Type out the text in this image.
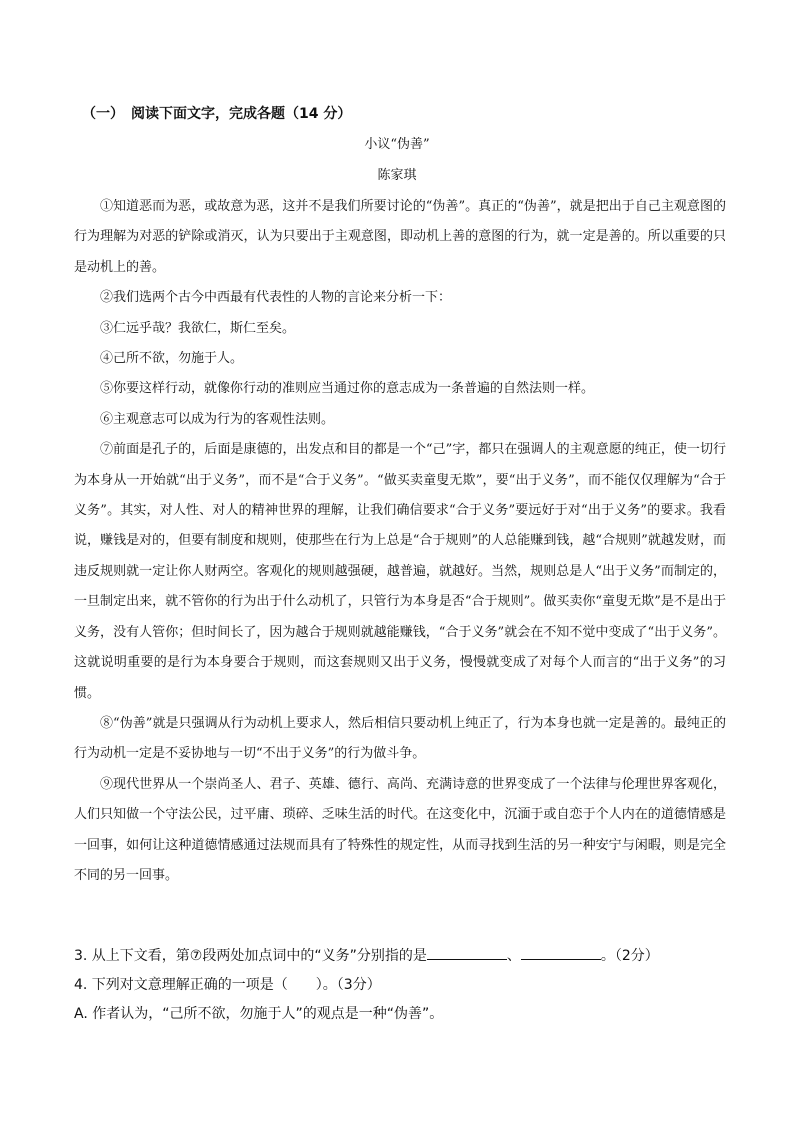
（一）　阅读下面文字，完成各题（14 分）
小议“伪善”
陈家琪

①知道恶而为恶，或故意为恶，这并不是我们所要讨论的“伪善”。真正的“伪善”，就是把出于自己主观意图的行为理解为对恶的铲除或消灭，认为只要出于主观意图，即动机上善的意图的行为，就一定是善的。所以重要的只是动机上的善。

②我们选两个古今中西最有代表性的人物的言论来分析一下：

③仁远乎哉？我欲仁，斯仁至矣。

④己所不欲，勿施于人。

⑤你要这样行动，就像你行动的准则应当通过你的意志成为一条普遍的自然法则一样。

⑥主观意志可以成为行为的客观性法则。

⑦前面是孔子的，后面是康德的，出发点和目的都是一个“己”字，都只在强调人的主观意愿的纯正，使一切行为本身从一开始就“出于义务”，而不是“合于义务”。“做买卖童叟无欺”，要“出于义务”，而不能仅仅理解为“合于义务”。其实，对人性、对人的精神世界的理解，让我们确信要求“合于义务”要远好于对“出于义务”的要求。我看说，赚钱是对的，但要有制度和规则，使那些在行为上总是“合于规则”的人总能赚到钱，越“合规则”就越发财，而违反规则就一定让你人财两空。客观化的规则越强硬，越普遍，就越好。当然，规则总是人“出于义务”而制定的，一旦制定出来，就不管你的行为出于什么动机了，只管行为本身是否“合于规则”。做买卖你“童叟无欺”是不是出于义务，没有人管你；但时间长了，因为越合于规则就越能赚钱，“合于义务”就会在不知不觉中变成了“出于义务”。这就说明重要的是行为本身要合于规则，而这套规则又出于义务，慢慢就变成了对每个人而言的“出于义务”的习惯。

⑧“伪善”就是只强调从行为动机上要求人，然后相信只要动机上纯正了，行为本身也就一定是善的。最纯正的行为动机一定是不妥协地与一切“不出于义务”的行为做斗争。

⑨现代世界从一个崇尚圣人、君子、英雄、德行、高尚、充满诗意的世界变成了一个法律与伦理世界客观化，人们只知做一个守法公民，过平庸、琐碎、乏味生活的时代。在这变化中，沉湎于或自恋于个人内在的道德情感是一回事，如何让这种道德情感通过法规而具有了特殊性的规定性，从而寻找到生活的另一种安宁与闲暇，则是完全不同的另一回事。

3. 从上下文看，第⑦段两处加点词中的“义务”分别指的是	、	。（2分）
4. 下列对文意理解正确的一项是（　　）。（3分）
A. 作者认为，“己所不欲，勿施于人”的观点是一种“伪善”。
